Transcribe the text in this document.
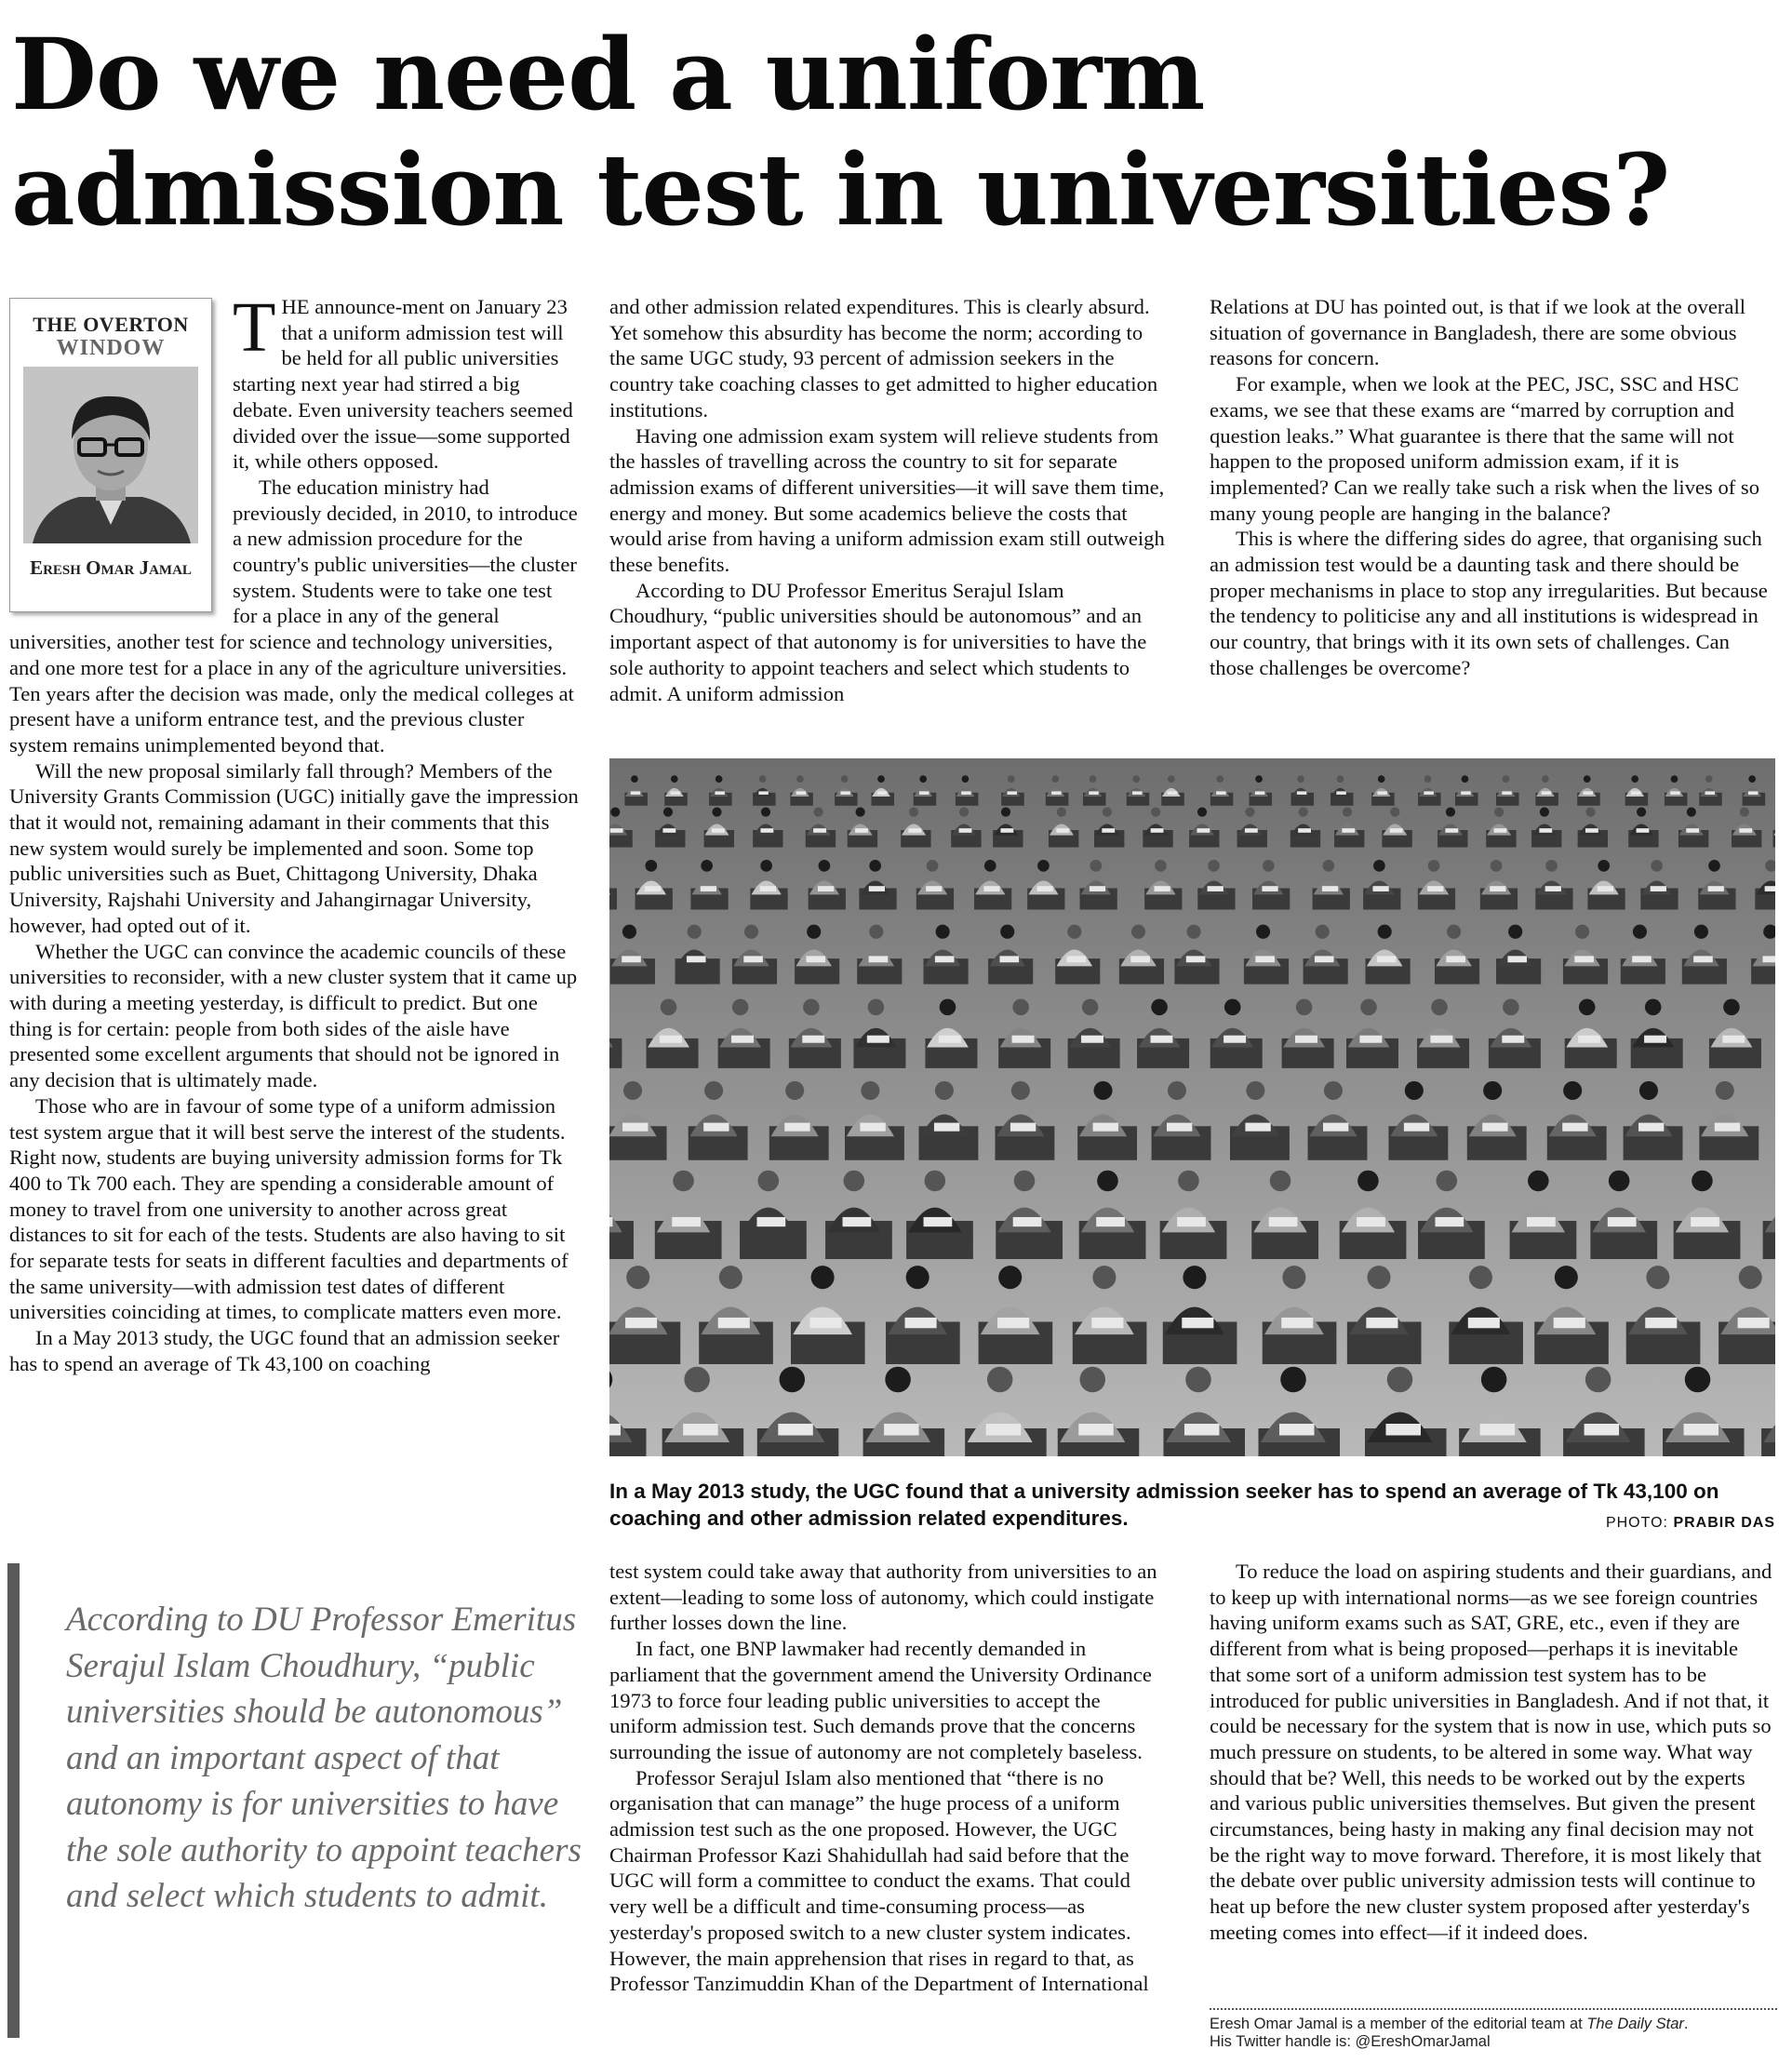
Do we need a uniform admission test in universities?
THE OVERTON
WINDOW
Eresh Omar Jamal

THE announce-ment on January 23 that a uniform admission test will be held for all public universities starting next year had stirred a big debate. Even university teachers seemed divided over the issue—some supported it, while others opposed.

The education ministry had previously decided, in 2010, to introduce a new admission procedure for the country's public universities—the cluster system. Students were to take one test for a place in any of the general universities, another test for science and technology universities, and one more test for a place in any of the agriculture universities. Ten years after the decision was made, only the medical colleges at present have a uniform entrance test, and the previous cluster system remains unimplemented beyond that.

Will the new proposal similarly fall through? Members of the University Grants Commission (UGC) initially gave the impression that it would not, remaining adamant in their comments that this new system would surely be implemented and soon. Some top public universities such as Buet, Chittagong University, Dhaka University, Rajshahi University and Jahangirnagar University, however, had opted out of it.

Whether the UGC can convince the academic councils of these universities to reconsider, with a new cluster system that it came up with during a meeting yesterday, is difficult to predict. But one thing is for certain: people from both sides of the aisle have presented some excellent arguments that should not be ignored in any decision that is ultimately made.

Those who are in favour of some type of a uniform admission test system argue that it will best serve the interest of the students. Right now, students are buying university admission forms for Tk 400 to Tk 700 each. They are spending a considerable amount of money to travel from one university to another across great distances to sit for each of the tests. Students are also having to sit for separate tests for seats in different faculties and departments of the same university—with admission test dates of different universities coinciding at times, to complicate matters even more.

In a May 2013 study, the UGC found that an admission seeker has to spend an average of Tk 43,100 on coaching

and other admission related expenditures. This is clearly absurd. Yet somehow this absurdity has become the norm; according to the same UGC study, 93 percent of admission seekers in the country take coaching classes to get admitted to higher education institutions.

Having one admission exam system will relieve students from the hassles of travelling across the country to sit for separate admission exams of different universities—it will save them time, energy and money. But some academics believe the costs that would arise from having a uniform admission exam still outweigh these benefits.

According to DU Professor Emeritus Serajul Islam Choudhury, “public universities should be autonomous” and an important aspect of that autonomy is for universities to have the sole authority to appoint teachers and select which students to admit. A uniform admission

Relations at DU has pointed out, is that if we look at the overall situation of governance in Bangladesh, there are some obvious reasons for concern.

For example, when we look at the PEC, JSC, SSC and HSC exams, we see that these exams are “marred by corruption and question leaks.” What guarantee is there that the same will not happen to the proposed uniform admission exam, if it is implemented? Can we really take such a risk when the lives of so many young people are hanging in the balance?

This is where the differing sides do agree, that organising such an admission test would be a daunting task and there should be proper mechanisms in place to stop any irregularities. But because the tendency to politicise any and all institutions is widespread in our country, that brings with it its own sets of challenges. Can those challenges be overcome?

In a May 2013 study, the UGC found that a university admission seeker has to spend an average of Tk 43,100 on coaching and other admission related expenditures.	PHOTO: PRABIR DAS

According to DU Professor Emeritus Serajul Islam Choudhury, “public universities should be autonomous” and an important aspect of that autonomy is for universities to have the sole authority to appoint teachers and select which students to admit.

test system could take away that authority from universities to an extent—leading to some loss of autonomy, which could instigate further losses down the line.

In fact, one BNP lawmaker had recently demanded in parliament that the government amend the University Ordinance 1973 to force four leading public universities to accept the uniform admission test. Such demands prove that the concerns surrounding the issue of autonomy are not completely baseless.

Professor Serajul Islam also mentioned that “there is no organisation that can manage” the huge process of a uniform admission test such as the one proposed. However, the UGC Chairman Professor Kazi Shahidullah had said before that the UGC will form a committee to conduct the exams. That could very well be a difficult and time-consuming process—as yesterday's proposed switch to a new cluster system indicates. However, the main apprehension that rises in regard to that, as Professor Tanzimuddin Khan of the Department of International

To reduce the load on aspiring students and their guardians, and to keep up with international norms—as we see foreign countries having uniform exams such as SAT, GRE, etc., even if they are different from what is being proposed—perhaps it is inevitable that some sort of a uniform admission test system has to be introduced for public universities in Bangladesh. And if not that, it could be necessary for the system that is now in use, which puts so much pressure on students, to be altered in some way. What way should that be? Well, this needs to be worked out by the experts and various public universities themselves. But given the present circumstances, being hasty in making any final decision may not be the right way to move forward. Therefore, it is most likely that the debate over public university admission tests will continue to heat up before the new cluster system proposed after yesterday's meeting comes into effect—if it indeed does.

Eresh Omar Jamal is a member of the editorial team at The Daily Star.
His Twitter handle is: @EreshOmarJamal
